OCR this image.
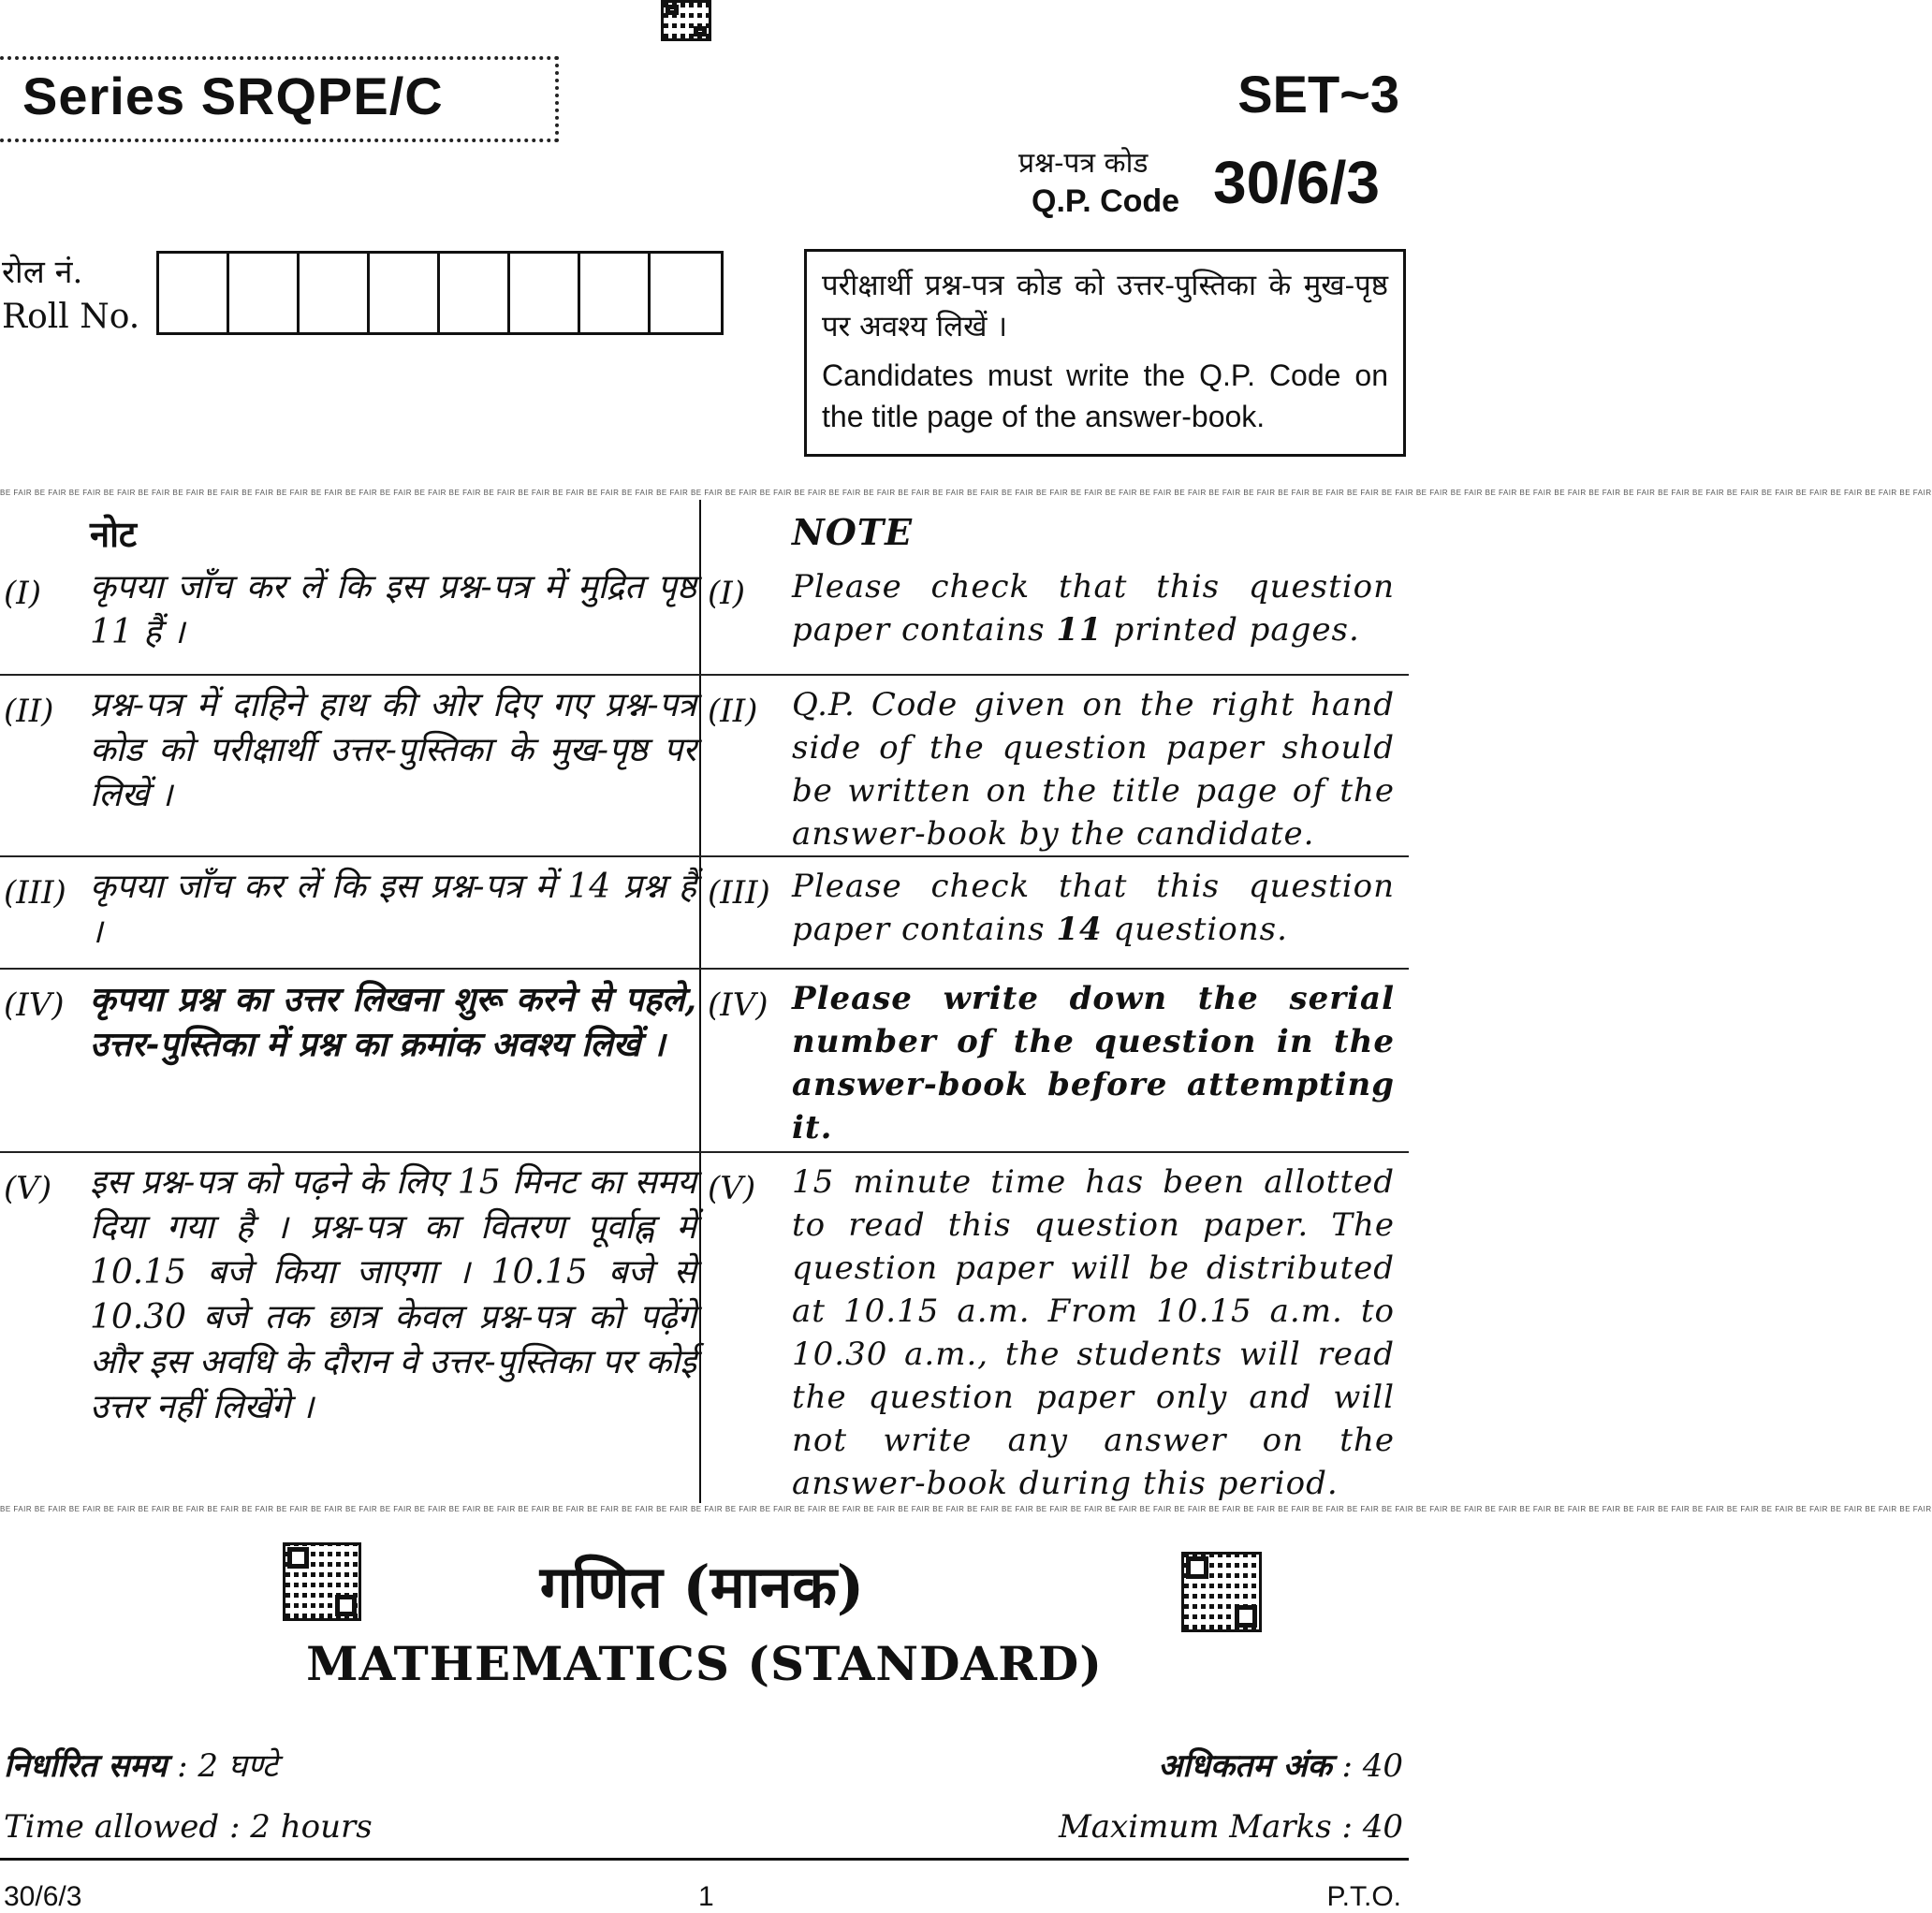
Series SRQPE/C	SET~3
प्रश्न-पत्र कोड
Q.P. Code 30/6/3
रोल नं.
Roll No.
परीक्षार्थी प्रश्न-पत्र कोड को उत्तर-पुस्तिका के मुख-पृष्ठ पर अवश्य लिखें ।
Candidates must write the Q.P. Code on the title page of the answer-book.
BE FAIR BE FAIR BE FAIR BE FAIR BE FAIR BE FAIR BE FAIR BE FAIR BE FAIR BE FAIR BE FAIR BE FAIR BE FAIR BE FAIR BE FAIR BE FAIR BE FAIR BE FAIR BE FAIR BE FAIR BE FAIR BE FAIR BE FAIR BE FAIR BE FAIR BE FAIR BE FAIR BE FAIR BE FAIR BE FAIR BE FAIR BE FAIR BE FAIR BE FAIR BE FAIR BE FAIR BE FAIR BE FAIR BE FAIR BE FAIR BE FAIR BE FAIR BE FAIR BE FAIR BE FAIR BE FAIR BE FAIR BE FAIR BE FAIR BE FAIR BE FAIR BE FAIR BE FAIR BE FAIR BE FAIR BE FAIR
BE FAIR BE FAIR BE FAIR BE FAIR BE FAIR BE FAIR BE FAIR BE FAIR BE FAIR BE FAIR BE FAIR BE FAIR BE FAIR BE FAIR BE FAIR BE FAIR BE FAIR BE FAIR BE FAIR BE FAIR BE FAIR BE FAIR BE FAIR BE FAIR BE FAIR BE FAIR BE FAIR BE FAIR BE FAIR BE FAIR BE FAIR BE FAIR BE FAIR BE FAIR BE FAIR BE FAIR BE FAIR BE FAIR BE FAIR BE FAIR BE FAIR BE FAIR BE FAIR BE FAIR BE FAIR BE FAIR BE FAIR BE FAIR BE FAIR BE FAIR BE FAIR BE FAIR BE FAIR BE FAIR BE FAIR BE FAIR
नोट	NOTE
(I) कृपया जाँच कर लें कि इस प्रश्न-पत्र में मुद्रित पृष्ठ 11 हैं ।
(I) Please check that this question paper contains 11 printed pages.
(II) प्रश्न-पत्र में दाहिने हाथ की ओर दिए गए प्रश्न-पत्र कोड को परीक्षार्थी उत्तर-पुस्तिका के मुख-पृष्ठ पर लिखें ।
(II) Q.P. Code given on the right hand side of the question paper should be written on the title page of the answer-book by the candidate.
(III) कृपया जाँच कर लें कि इस प्रश्न-पत्र में 14 प्रश्न हैं ।
(III) Please check that this question paper contains 14 questions.
(IV) कृपया प्रश्न का उत्तर लिखना शुरू करने से पहले, उत्तर-पुस्तिका में प्रश्न का क्रमांक अवश्य लिखें ।
(IV) Please write down the serial number of the question in the answer-book before attempting it.
(V) इस प्रश्न-पत्र को पढ़ने के लिए 15 मिनट का समय दिया गया है । प्रश्न-पत्र का वितरण पूर्वाह्न में 10.15 बजे किया जाएगा । 10.15 बजे से 10.30 बजे तक छात्र केवल प्रश्न-पत्र को पढ़ेंगे और इस अवधि के दौरान वे उत्तर-पुस्तिका पर कोई उत्तर नहीं लिखेंगे ।
(V) 15 minute time has been allotted to read this question paper. The question paper will be distributed at 10.15 a.m. From 10.15 a.m. to 10.30 a.m., the students will read the question paper only and will not write any answer on the answer-book during this period.
गणित (मानक)
MATHEMATICS (STANDARD)
निर्धारित समय : 2 घण्टे	अधिकतम अंक : 40
Time allowed : 2 hours	Maximum Marks : 40
30/6/3	1	P.T.O.
